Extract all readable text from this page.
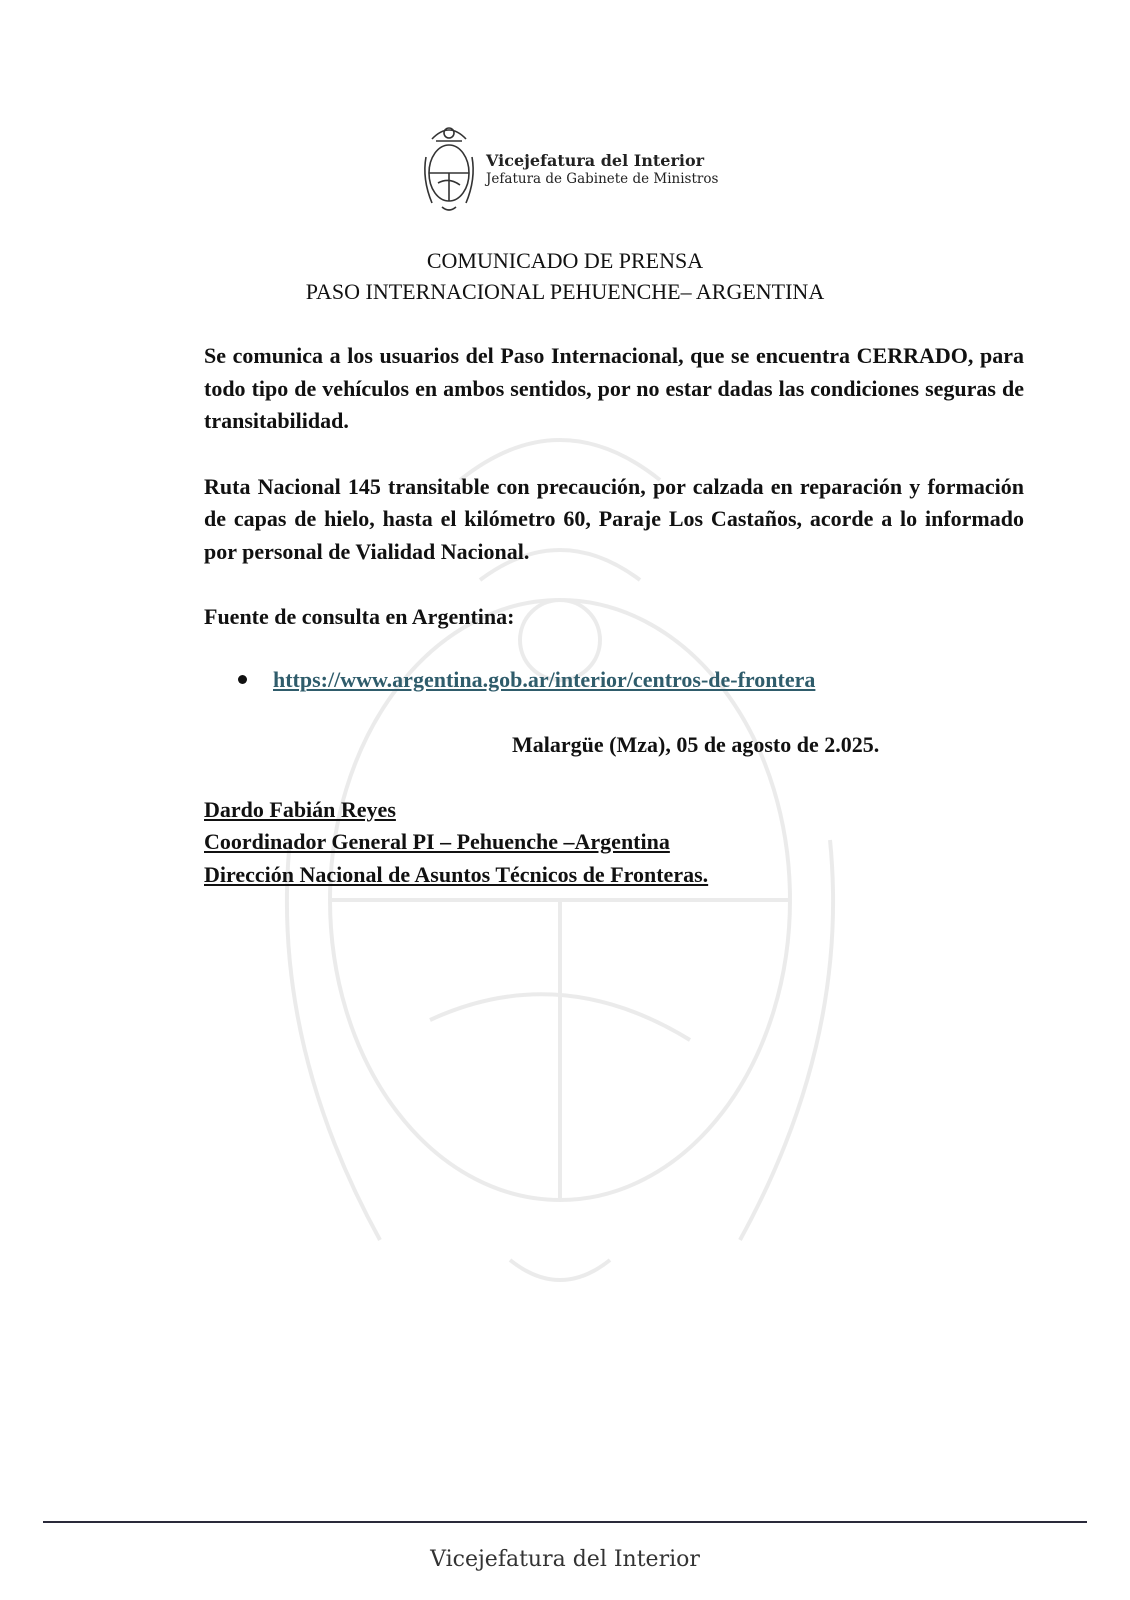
Vicejefatura del Interior
Jefatura de Gabinete de Ministros
COMUNICADO DE PRENSA
PASO INTERNACIONAL PEHUENCHE– ARGENTINA

Se comunica a los usuarios del Paso Internacional, que se encuentra CERRADO, para todo tipo de vehículos en ambos sentidos, por no estar dadas las condiciones seguras de transitabilidad.

Ruta Nacional 145 transitable con precaución, por calzada en reparación y formación de capas de hielo, hasta el kilómetro 60, Paraje Los Castaños, acorde a lo informado por personal de Vialidad Nacional.

Fuente de consulta en Argentina:

https://www.argentina.gob.ar/interior/centros-de-frontera
Malargüe (Mza), 05 de agosto de 2.025.
Dardo Fabián Reyes
Coordinador General PI – Pehuenche –Argentina
Dirección Nacional de Asuntos Técnicos de Fronteras.
Vicejefatura del Interior
